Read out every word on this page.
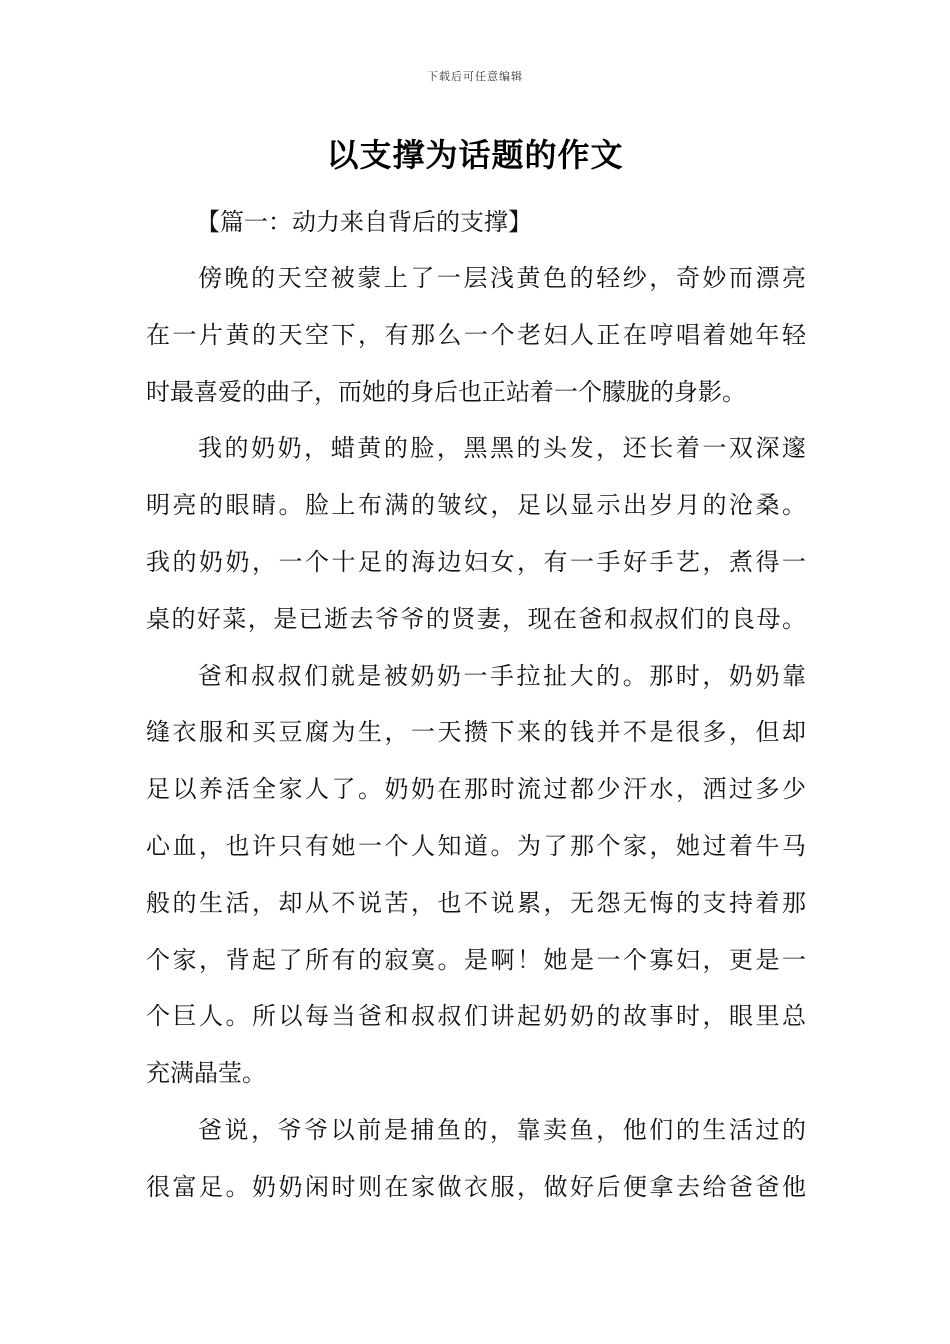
下载后可任意编辑
以支撑为话题的作文
【篇一：动力来自背后的支撑】
傍晚的天空被蒙上了一层浅黄色的轻纱，奇妙而漂亮
在一片黄的天空下，有那么一个老妇人正在哼唱着她年轻
时最喜爱的曲子，而她的身后也正站着一个朦胧的身影。
我的奶奶，蜡黄的脸，黑黑的头发，还长着一双深邃
明亮的眼睛。脸上布满的皱纹，足以显示出岁月的沧桑。
我的奶奶，一个十足的海边妇女，有一手好手艺，煮得一
桌的好菜，是已逝去爷爷的贤妻，现在爸和叔叔们的良母。
爸和叔叔们就是被奶奶一手拉扯大的。那时，奶奶靠
缝衣服和买豆腐为生，一天攒下来的钱并不是很多，但却
足以养活全家人了。奶奶在那时流过都少汗水，洒过多少
心血，也许只有她一个人知道。为了那个家，她过着牛马
般的生活，却从不说苦，也不说累，无怨无悔的支持着那
个家，背起了所有的寂寞。是啊！她是一个寡妇，更是一
个巨人。所以每当爸和叔叔们讲起奶奶的故事时，眼里总
充满晶莹。
爸说，爷爷以前是捕鱼的，靠卖鱼，他们的生活过的
很富足。奶奶闲时则在家做衣服，做好后便拿去给爸爸他
